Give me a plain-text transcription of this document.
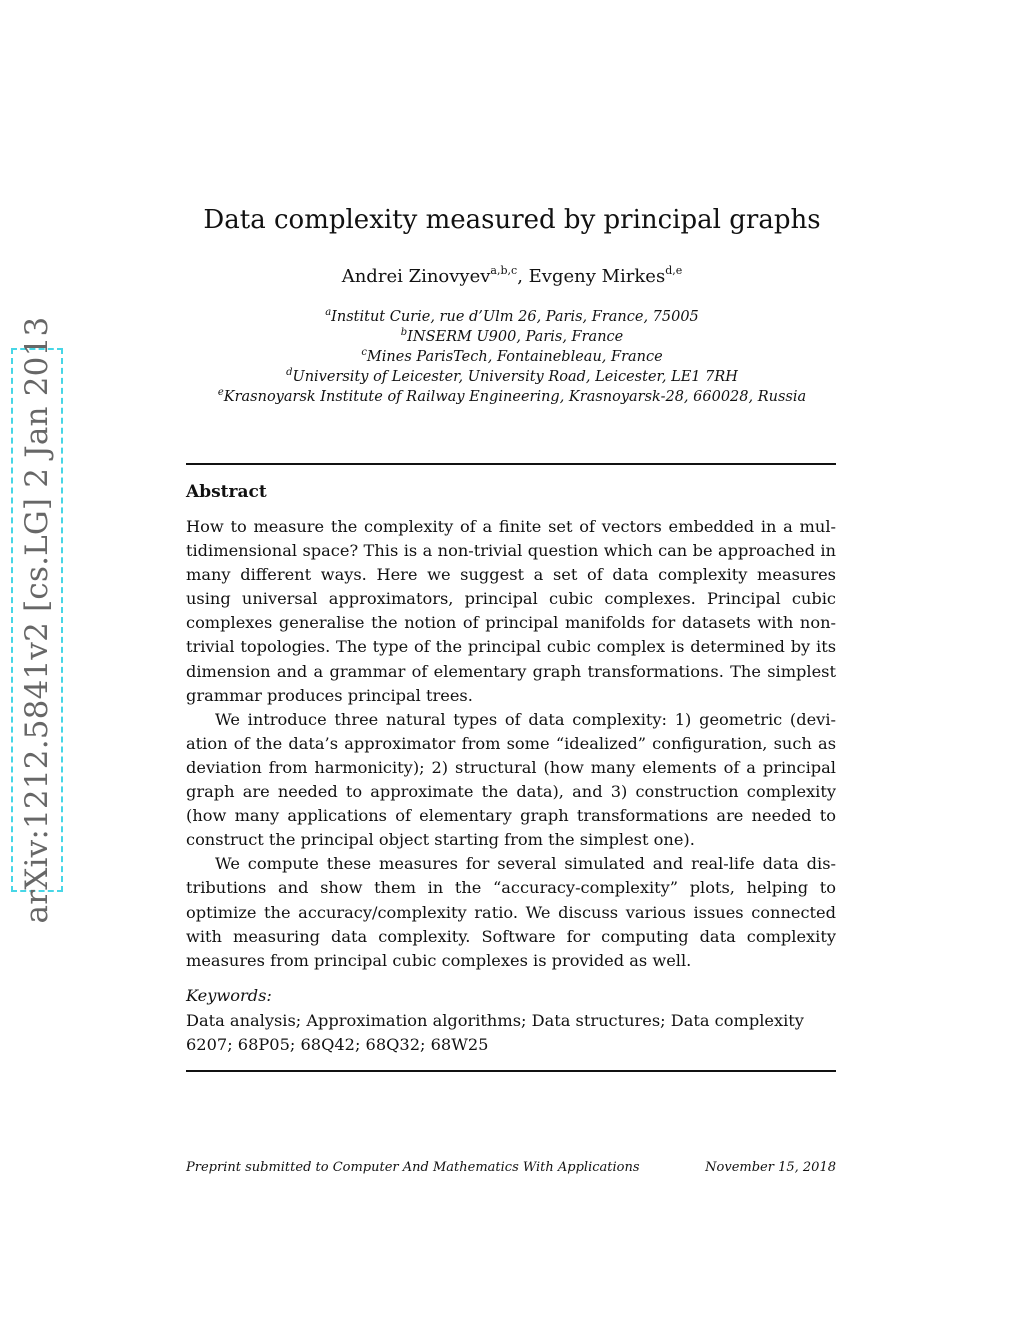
arXiv:1212.5841v2 [cs.LG] 2 Jan 2013
Data complexity measured by principal graphs
Andrei Zinovyev$^{a,b,c}$, Evgeny Mirkes$^{d,e}$
$^a$Institut Curie, rue d’Ulm 26, Paris, France, 75005
$^b$INSERM U900, Paris, France
$^c$Mines ParisTech, Fontainebleau, France
$^d$University of Leicester, University Road, Leicester, LE1 7RH
$^e$Krasnoyarsk Institute of Railway Engineering, Krasnoyarsk-28, 660028, Russia
Abstract

How to measure the complexity of a finite set of vectors embedded in a multidimensional space? This is a non-trivial question which can be approached in many different ways. Here we suggest a set of data complexity measures using universal approximators, principal cubic complexes. Principal cubic complexes generalise the notion of principal manifolds for datasets with nontrivial topologies. The type of the principal cubic complex is determined by its dimension and a grammar of elementary graph transformations. The simplest grammar produces principal trees.

We introduce three natural types of data complexity: 1) geometric (deviation of the data’s approximator from some “idealized” configuration, such as deviation from harmonicity); 2) structural (how many elements of a principal graph are needed to approximate the data), and 3) construction complexity (how many applications of elementary graph transformations are needed to construct the principal object starting from the simplest one).

We compute these measures for several simulated and real-life data distributions and show them in the “accuracy-complexity” plots, helping to optimize the accuracy/complexity ratio. We discuss various issues connected with measuring data complexity. Software for computing data complexity measures from principal cubic complexes is provided as well.

Keywords:
Data analysis; Approximation algorithms; Data structures; Data complexity
6207; 68P05; 68Q42; 68Q32; 68W25
Preprint submitted to Computer And Mathematics With Applications	November 15, 2018
